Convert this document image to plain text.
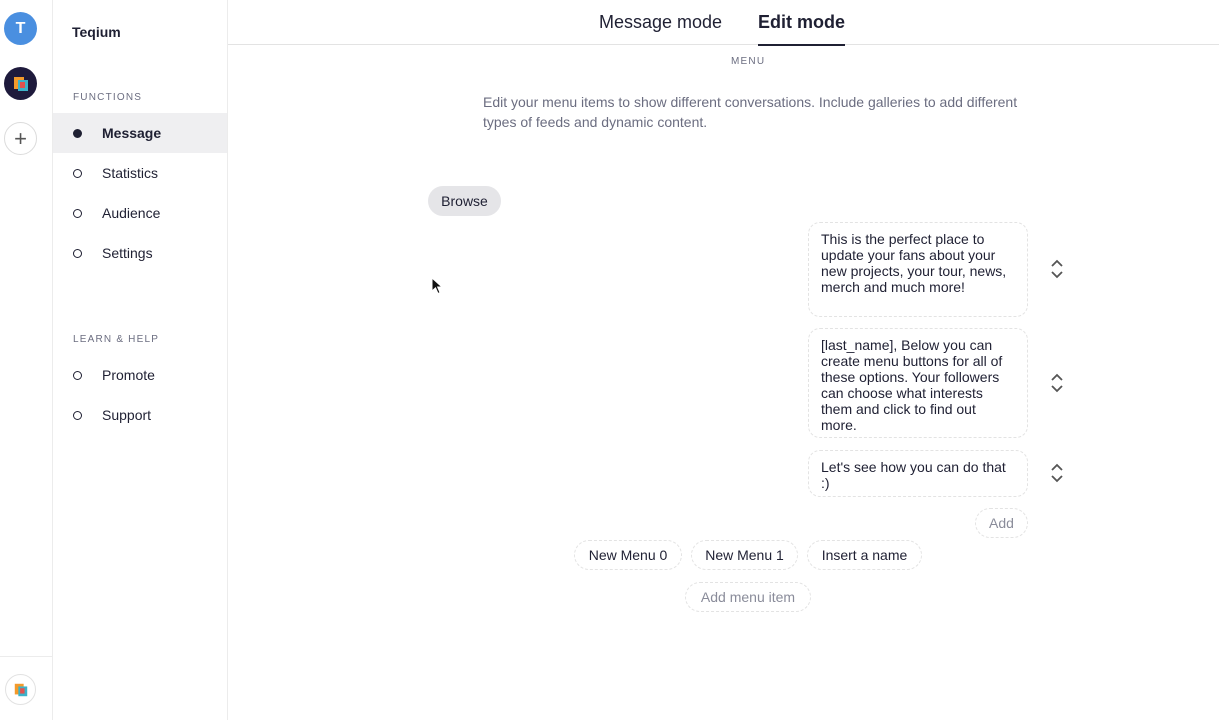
T
+
Teqium
FUNCTIONS
Message
Statistics
Audience
Settings
LEARN & HELP
Promote
Support
Message mode Edit mode
MENU
Edit your menu items to show different conversations. Include galleries to add different types of feeds and dynamic content.
Browse
This is the perfect place to update your fans about your new projects, your tour, news, merch and much more!
[last_name], Below you can create menu buttons for all of these options. Your followers can choose what interests them and click to find out more.
Let's see how you can do that :)
Add
New Menu 0	New Menu 1	Insert a name
Add menu item
